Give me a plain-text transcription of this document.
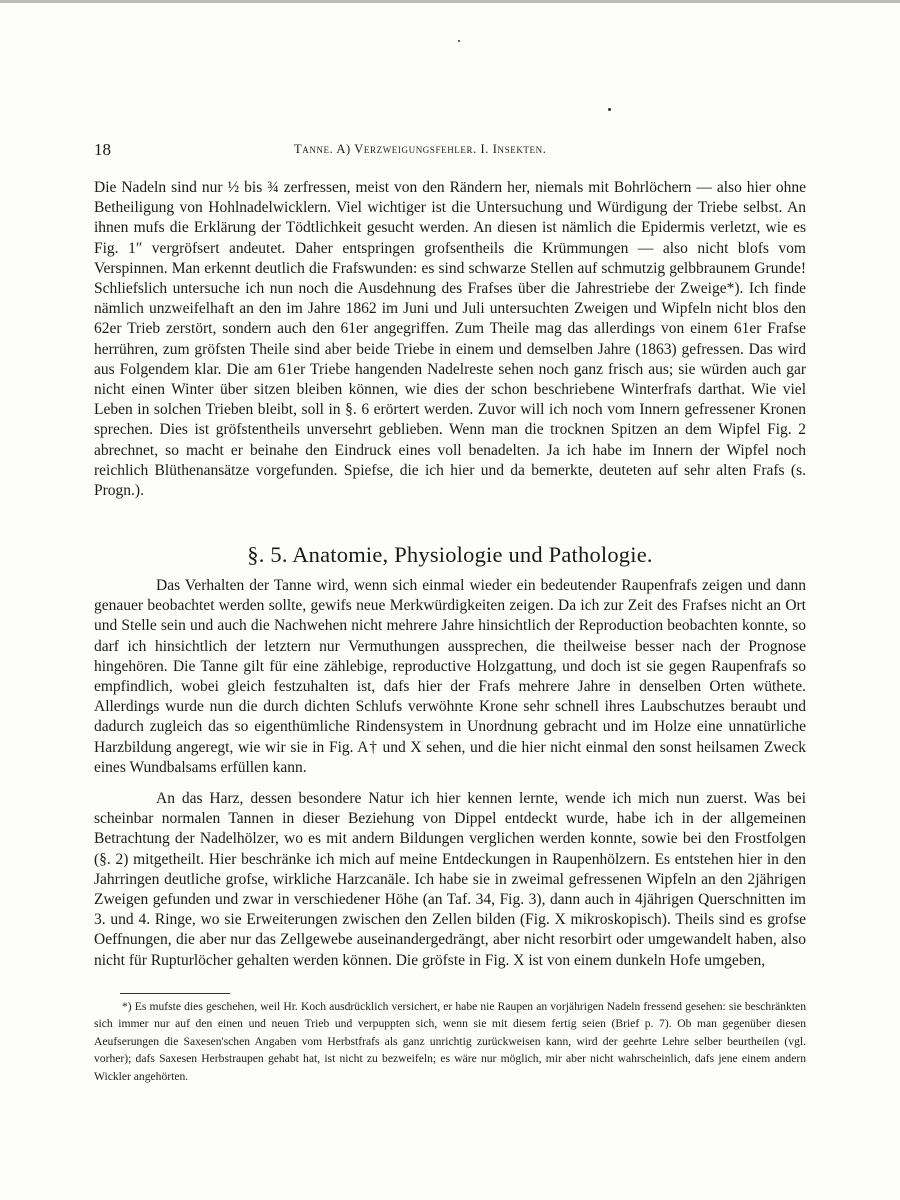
18	Tanne. A) Verzweigungsfehler. I. Insekten.

Die Nadeln sind nur ½ bis ¾ zerfressen, meist von den Rändern her, niemals mit Bohrlöchern — also hier ohne Betheiligung von Hohlnadelwicklern. Viel wichtiger ist die Untersuchung und Würdigung der Triebe selbst. An ihnen mufs die Erklärung der Tödtlichkeit gesucht werden. An diesen ist nämlich die Epidermis verletzt, wie es Fig. 1″ vergröfsert andeutet. Daher entspringen grofsentheils die Krümmungen — also nicht blofs vom Verspinnen. Man erkennt deutlich die Frafswunden: es sind schwarze Stellen auf schmutzig gelbbraunem Grunde! Schliefslich untersuche ich nun noch die Ausdehnung des Frafses über die Jahrestriebe der Zweige*). Ich finde nämlich unzweifelhaft an den im Jahre 1862 im Juni und Juli untersuchten Zweigen und Wipfeln nicht blos den 62er Trieb zerstört, sondern auch den 61er angegriffen. Zum Theile mag das allerdings von einem 61er Frafse herrühren, zum gröfsten Theile sind aber beide Triebe in einem und demselben Jahre (1863) gefressen. Das wird aus Folgendem klar. Die am 61er Triebe hangenden Nadelreste sehen noch ganz frisch aus; sie würden auch gar nicht einen Winter über sitzen bleiben können, wie dies der schon beschriebene Winterfrafs darthat. Wie viel Leben in solchen Trieben bleibt, soll in §. 6 erörtert werden. Zuvor will ich noch vom Innern gefressener Kronen sprechen. Dies ist gröfstentheils unversehrt geblieben. Wenn man die trocknen Spitzen an dem Wipfel Fig. 2 abrechnet, so macht er beinahe den Eindruck eines voll benadelten. Ja ich habe im Innern der Wipfel noch reichlich Blüthenansätze vorgefunden. Spiefse, die ich hier und da bemerkte, deuteten auf sehr alten Frafs (s. Progn.).

§. 5. Anatomie, Physiologie und Pathologie.

Das Verhalten der Tanne wird, wenn sich einmal wieder ein bedeutender Raupenfrafs zeigen und dann genauer beobachtet werden sollte, gewifs neue Merkwürdigkeiten zeigen. Da ich zur Zeit des Frafses nicht an Ort und Stelle sein und auch die Nachwehen nicht mehrere Jahre hinsichtlich der Reproduction beobachten konnte, so darf ich hinsichtlich der letztern nur Vermuthungen aussprechen, die theilweise besser nach der Prognose hingehören. Die Tanne gilt für eine zählebige, reproductive Holzgattung, und doch ist sie gegen Raupenfrafs so empfindlich, wobei gleich festzuhalten ist, dafs hier der Frafs mehrere Jahre in denselben Orten wüthete. Allerdings wurde nun die durch dichten Schlufs verwöhnte Krone sehr schnell ihres Laubschutzes beraubt und dadurch zugleich das so eigenthümliche Rindensystem in Unordnung gebracht und im Holze eine unnatürliche Harzbildung angeregt, wie wir sie in Fig. A† und X sehen, und die hier nicht einmal den sonst heilsamen Zweck eines Wundbalsams erfüllen kann.

An das Harz, dessen besondere Natur ich hier kennen lernte, wende ich mich nun zuerst. Was bei scheinbar normalen Tannen in dieser Beziehung von Dippel entdeckt wurde, habe ich in der allgemeinen Betrachtung der Nadelhölzer, wo es mit andern Bildungen verglichen werden konnte, sowie bei den Frostfolgen (§. 2) mitgetheilt. Hier beschränke ich mich auf meine Entdeckungen in Raupenhölzern. Es entstehen hier in den Jahrringen deutliche grofse, wirkliche Harzcanäle. Ich habe sie in zweimal gefressenen Wipfeln an den 2jährigen Zweigen gefunden und zwar in verschiedener Höhe (an Taf. 34, Fig. 3), dann auch in 4jährigen Querschnitten im 3. und 4. Ringe, wo sie Erweiterungen zwischen den Zellen bilden (Fig. X mikroskopisch). Theils sind es grofse Oeffnungen, die aber nur das Zellgewebe auseinandergedrängt, aber nicht resorbirt oder umgewandelt haben, also nicht für Rupturlöcher gehalten werden können. Die gröfste in Fig. X ist von einem dunkeln Hofe umgeben,

*) Es mufste dies geschehen, weil Hr. Koch ausdrücklich versichert, er habe nie Raupen an vorjährigen Nadeln fressend gesehen: sie beschränkten sich immer nur auf den einen und neuen Trieb und verpuppten sich, wenn sie mit diesem fertig seien (Brief p. 7). Ob man gegenüber diesen Aeufserungen die Saxesen'schen Angaben vom Herbstfrafs als ganz unrichtig zurückweisen kann, wird der geehrte Lehre selber beurtheilen (vgl. vorher); dafs Saxesen Herbstraupen gehabt hat, ist nicht zu bezweifeln; es wäre nur möglich, mir aber nicht wahrscheinlich, dafs jene einem andern Wickler angehörten.
